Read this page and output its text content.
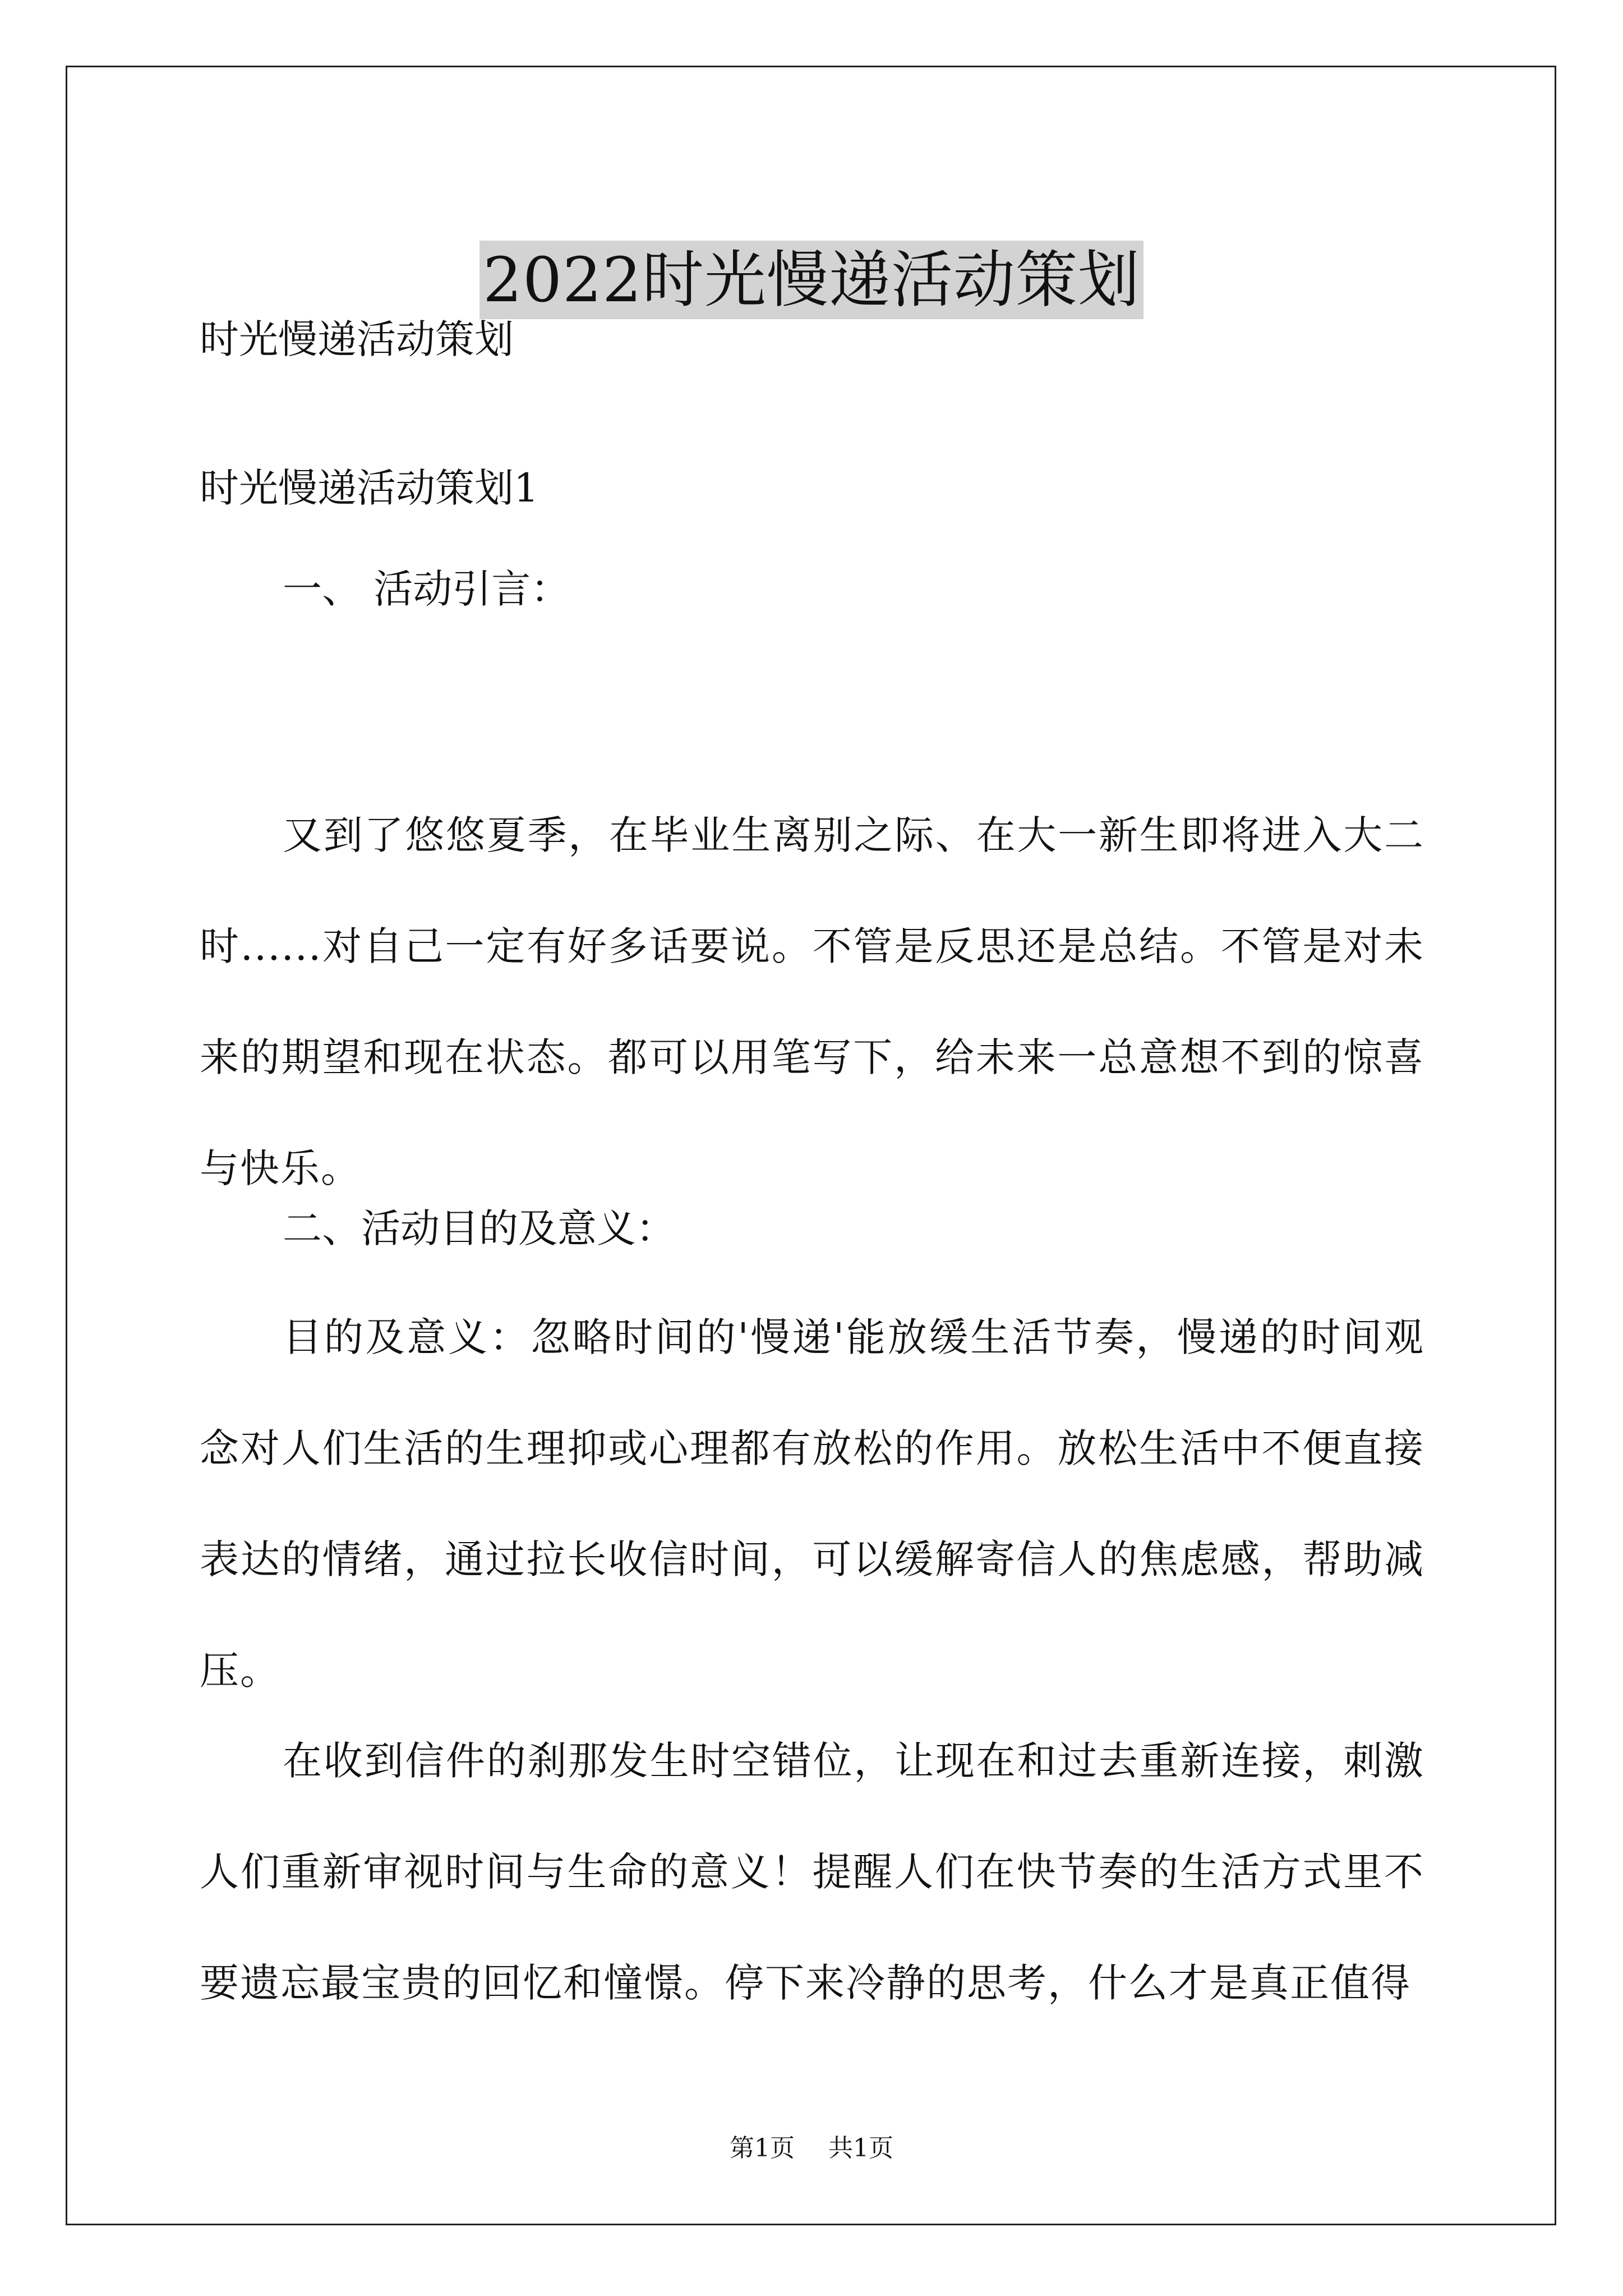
2022时光慢递活动策划

时光慢递活动策划

时光慢递活动策划1

一、 活动引言：

又到了悠悠夏季，在毕业生离别之际、在大一新生即将进入大二时......对自己一定有好多话要说。不管是反思还是总结。不管是对未来的期望和现在状态。都可以用笔写下，给未来一总意想不到的惊喜与快乐。

二、活动目的及意义：

目的及意义：忽略时间的'慢递'能放缓生活节奏，慢递的时间观念对人们生活的生理抑或心理都有放松的作用。放松生活中不便直接表达的情绪，通过拉长收信时间，可以缓解寄信人的焦虑感，帮助减压。

在收到信件的刹那发生时空错位，让现在和过去重新连接，刺激人们重新审视时间与生命的意义！提醒人们在快节奏的生活方式里不要遗忘最宝贵的回忆和憧憬。停下来冷静的思考，什么才是真正值得

第1页 共1页
